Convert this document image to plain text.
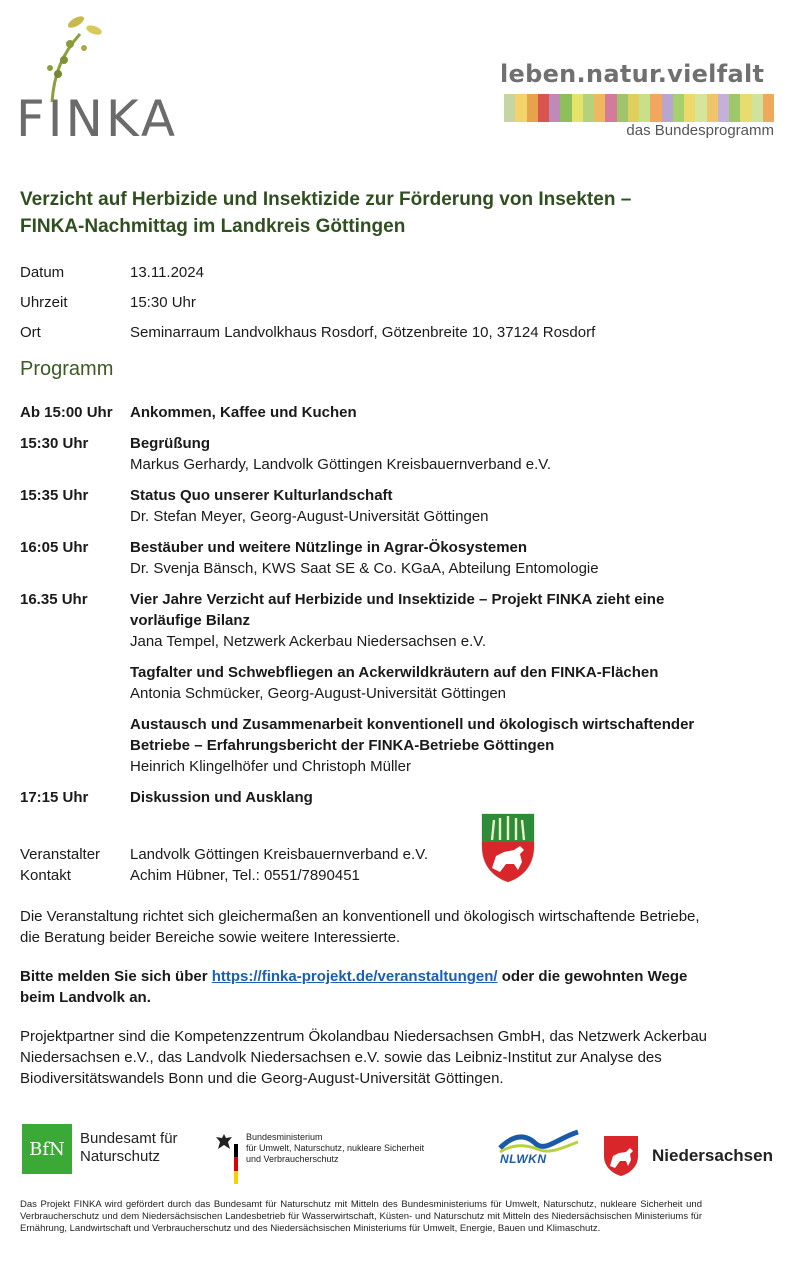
FINKA
leben.natur.vielfalt
das Bundesprogramm
Verzicht auf Herbizide und Insektizide zur Förderung von Insekten –
FINKA-Nachmittag im Landkreis Göttingen
Datum	13.11.2024
Uhrzeit	15:30 Uhr
Ort	Seminarraum Landvolkhaus Rosdorf, Götzenbreite 10, 37124 Rosdorf
Programm
Ab 15:00 Uhr	Ankommen, Kaffee und Kuchen
15:30 Uhr	Begrüßung
Markus Gerhardy, Landvolk Göttingen Kreisbauernverband e.V.
15:35 Uhr	Status Quo unserer Kulturlandschaft
Dr. Stefan Meyer, Georg-August-Universität Göttingen
16:05 Uhr	Bestäuber und weitere Nützlinge in Agrar-Ökosystemen
Dr. Svenja Bänsch, KWS Saat SE & Co. KGaA, Abteilung Entomologie
16.35 Uhr	Vier Jahre Verzicht auf Herbizide und Insektizide – Projekt FINKA zieht eine vorläufige Bilanz
Jana Tempel, Netzwerk Ackerbau Niedersachsen e.V.
Tagfalter und Schwebfliegen an Ackerwildkräutern auf den FINKA-Flächen
Antonia Schmücker, Georg-August-Universität Göttingen
Austausch und Zusammenarbeit konventionell und ökologisch wirtschaftender Betriebe – Erfahrungsbericht der FINKA-Betriebe Göttingen
Heinrich Klingelhöfer und Christoph Müller
17:15 Uhr	Diskussion und Ausklang
Veranstalter	Landvolk Göttingen Kreisbauernverband e.V.
Kontakt	Achim Hübner, Tel.: 0551/7890451
Die Veranstaltung richtet sich gleichermaßen an konventionell und ökologisch wirtschaftende Betriebe, die Beratung beider Bereiche sowie weitere Interessierte.
Bitte melden Sie sich über https://finka-projekt.de/veranstaltungen/ oder die gewohnten Wege beim Landvolk an.
Projektpartner sind die Kompetenzzentrum Ökolandbau Niedersachsen GmbH, das Netzwerk Ackerbau Niedersachsen e.V., das Landvolk Niedersachsen e.V. sowie das Leibniz-Institut zur Analyse des Biodiversitätswandels Bonn und die Georg-August-Universität Göttingen.
BfN	Bundesamt für
Naturschutz
Bundesministerium
für Umwelt, Naturschutz, nukleare Sicherheit
und Verbraucherschutz	NLWKN	Niedersachsen
Das Projekt FINKA wird gefördert durch das Bundesamt für Naturschutz mit Mitteln des Bundesministeriums für Umwelt, Naturschutz, nukleare Sicherheit und Verbraucherschutz und dem Niedersächsischen Landesbetrieb für Wasserwirtschaft, Küsten- und Naturschutz mit Mitteln des Niedersächsischen Ministeriums für Ernährung, Landwirtschaft und Verbraucherschutz und des Niedersächsischen Ministeriums für Umwelt, Energie, Bauen und Klimaschutz.
